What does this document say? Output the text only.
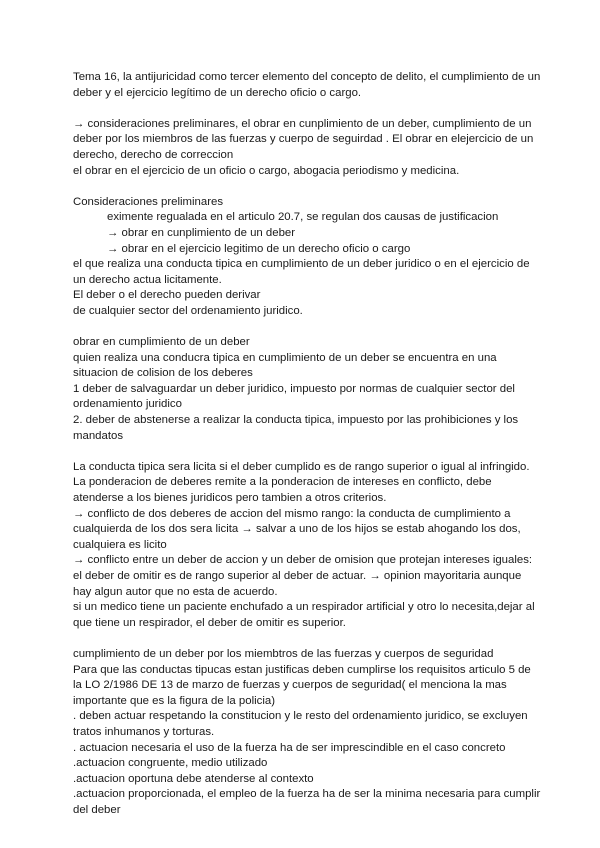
Tema 16, la antijuricidad como tercer elemento del concepto de delito, el cumplimiento de un
deber y el ejercicio legítimo de un derecho oficio o cargo.
→ consideraciones preliminares, el obrar en cunplimiento de un deber, cumplimiento de un
deber por los miembros de las fuerzas y cuerpo de seguirdad . El obrar en elejercicio de un
derecho, derecho de correccion
el obrar en el ejercicio de un oficio o cargo, abogacia periodismo y medicina.
Consideraciones preliminares
eximente regualada en el articulo 20.7, se regulan dos causas de justificacion
→ obrar en cunplimiento de un deber
→ obrar en el ejercicio legitimo de un derecho oficio o cargo
el que realiza una conducta tipica en cumplimiento de un deber juridico o en el ejercicio de
un derecho actua licitamente.
El deber o el derecho pueden derivar
de cualquier sector del ordenamiento juridico.
obrar en cumplimiento de un deber
quien realiza una conducra tipica en cumplimiento de un deber se encuentra en una
situacion de colision de los deberes
1 deber de salvaguardar un deber juridico, impuesto por normas de cualquier sector del
ordenamiento juridico
2. deber de abstenerse a realizar la conducta tipica, impuesto por las prohibiciones y los
mandatos
La conducta tipica sera licita si el deber cumplido es de rango superior o igual al infringido.
La ponderacion de deberes remite a la ponderacion de intereses en conflicto, debe
atenderse a los bienes juridicos pero tambien a otros criterios.
→ conflicto de dos deberes de accion del mismo rango: la conducta de cumplimiento a
cualquierda de los dos sera licita → salvar a uno de los hijos se estab ahogando los dos,
cualquiera es licito
→ conflicto entre un deber de accion y un deber de omision que protejan intereses iguales:
el deber de omitir es de rango superior al deber de actuar. → opinion mayoritaria aunque
hay algun autor que no esta de acuerdo.
si un medico tiene un paciente enchufado a un respirador artificial y otro lo necesita,dejar al
que tiene un respirador, el deber de omitir es superior.
cumplimiento de un deber por los miembtros de las fuerzas y cuerpos de seguridad
Para que las conductas tipucas estan justificas deben cumplirse los requisitos articulo 5 de
la LO 2/1986 DE 13 de marzo de fuerzas y cuerpos de seguridad( el menciona la mas
importante que es la figura de la policia)
. deben actuar respetando la constitucion y le resto del ordenamiento juridico, se excluyen
tratos inhumanos y torturas.
. actuacion necesaria el uso de la fuerza ha de ser imprescindible en el caso concreto
.actuacion congruente, medio utilizado
.actuacion oportuna debe atenderse al contexto
.actuacion proporcionada, el empleo de la fuerza ha de ser la minima necesaria para cumplir
del deber
